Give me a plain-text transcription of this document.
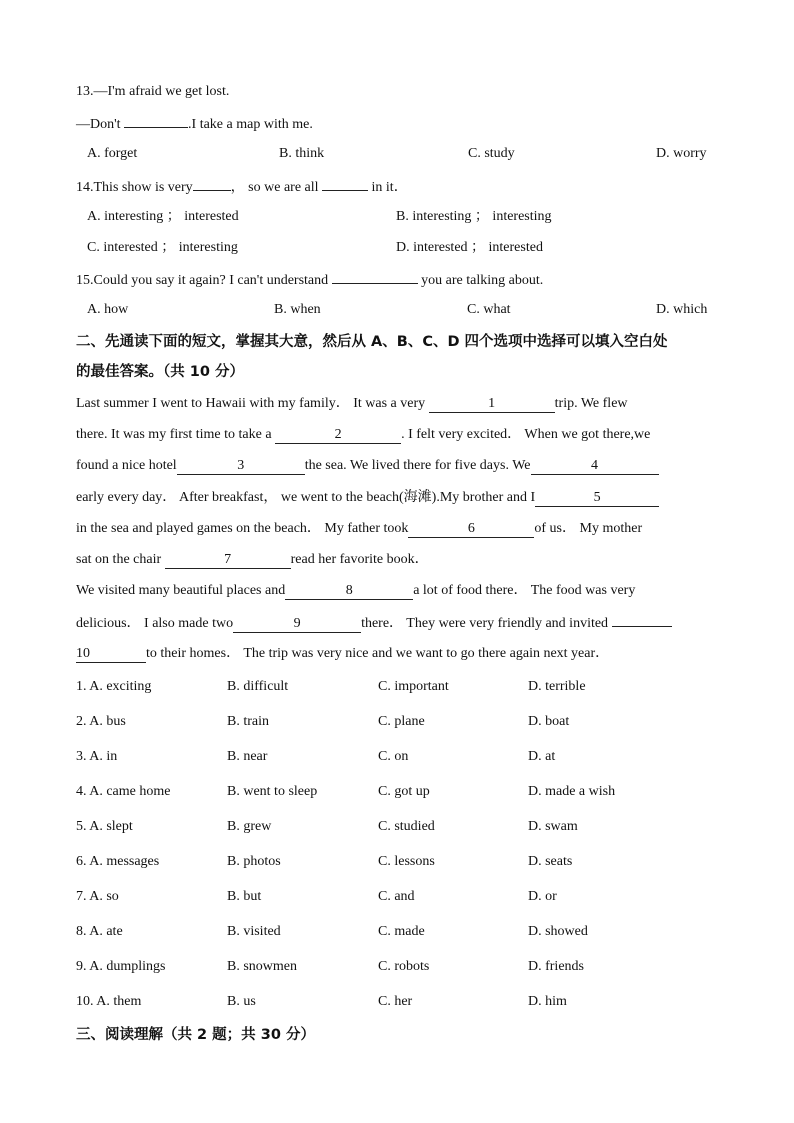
13.—I'm afraid we get lost.
—Don't	.I take a map with me.
A. forget	B. think	C. study	D. worry
14.This show is very	， so we are all	in it．
A. interesting ； interested	B. interesting ； interesting
C. interested ； interesting	D. interested ； interested
15.Could you say it again? I can't understand	you are talking about.
A. how	B. when	C. what	D. which
二、先通读下面的短文，掌握其大意，然后从 A、B、C、D 四个选项中选择可以填入空白处
的最佳答案。（共 10 分）
Last summer I went to Hawaii with my family． It was a very	1	trip. We flew
there. It was my first time to take a	2	. I felt very excited． When we got there,we
found a nice hotel	3	the sea. We lived there for five days. We	4
early every day． After breakfast， we went to the beach(海滩).My brother and I	5
in the sea and played games on the beach． My father took	6	of us． My mother
sat on the chair	7	read her favorite book．
We visited many beautiful places and	8	a lot of food there． The food was very
delicious． I also made two	9	there． They were very friendly and invited
10	to their homes． The trip was very nice and we want to go there again next year．
1. A. exciting	B. difficult	C. important	D. terrible
2. A. bus	B. train	C. plane	D. boat
3. A. in	B. near	C. on	D. at
4. A. came home	B. went to sleep	C. got up	D. made a wish
5. A. slept	B. grew	C. studied	D. swam
6. A. messages	B. photos	C. lessons	D. seats
7. A. so	B. but	C. and	D. or
8. A. ate	B. visited	C. made	D. showed
9. A. dumplings	B. snowmen	C. robots	D. friends
10. A. them	B. us	C. her	D. him
三、阅读理解（共 2 题；共 30 分）
